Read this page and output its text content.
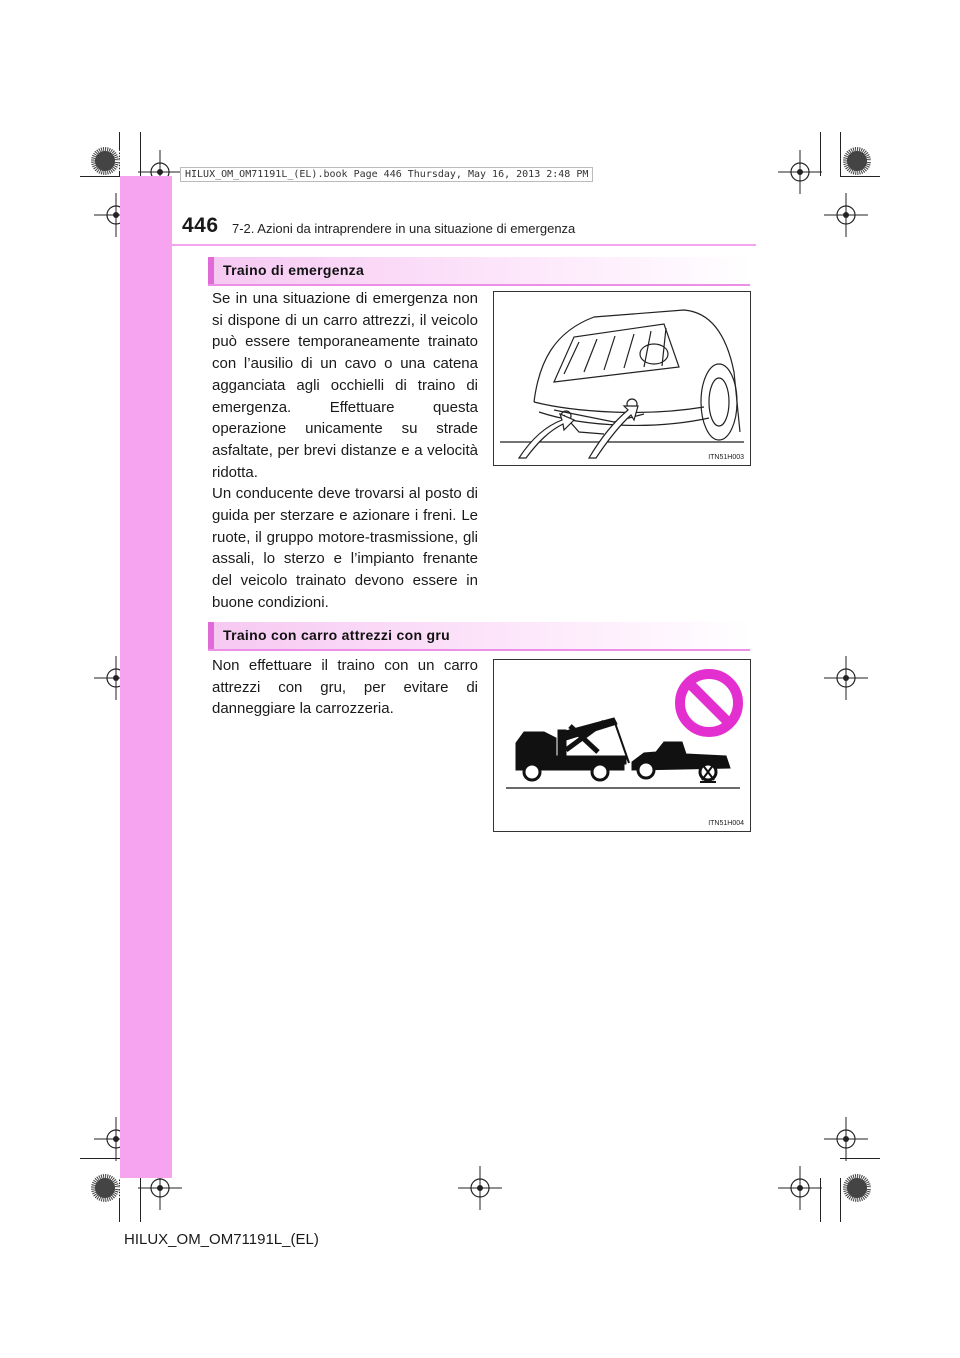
HILUX_OM_OM71191L_(EL).book Page 446 Thursday, May 16, 2013 2:48 PM
446 7-2. Azioni da intraprendere in una situazione di emergenza
Traino di emergenza

Se in una situazione di emergenza non si dispone di un carro attrezzi, il veicolo può essere temporaneamente trainato con l’ausilio di un cavo o una catena agganciata agli occhielli di traino di emergenza. Effettuare questa operazione unicamente su strade asfaltate, per brevi distanze e a velocità ridotta.

Un conducente deve trovarsi al posto di guida per sterzare e azionare i freni. Le ruote, il gruppo motore-trasmissione, gli assali, lo sterzo e l’impianto frenante del veicolo trainato devono essere in buone condizioni.

ITN51H003
Traino con carro attrezzi con gru

Non effettuare il traino con un carro attrezzi con gru, per evitare di danneggiare la carrozzeria.

ITN51H004
HILUX_OM_OM71191L_(EL)
